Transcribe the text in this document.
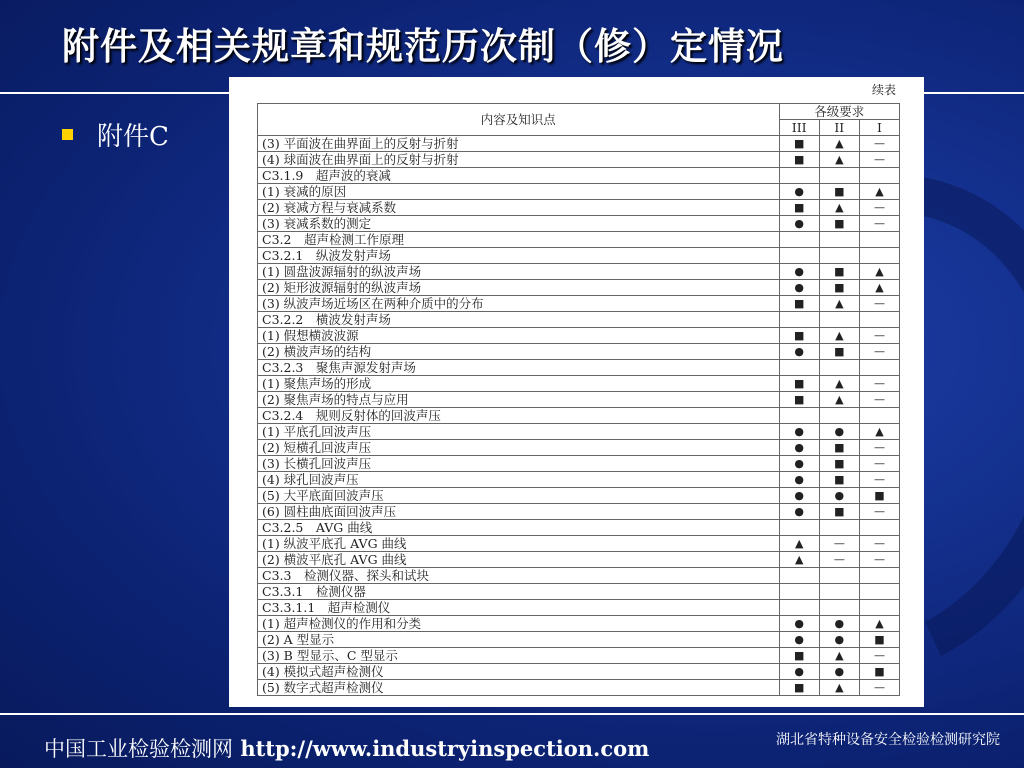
附件及相关规章和规范历次制（修）定情况
附件C
续表
内容及知识点	各级要求		
	III	II	I
(3) 平面波在曲界面上的反射与折射	■	▲	—
(4) 球面波在曲界面上的反射与折射	■	▲	—
C3.1.9　超声波的衰减			
(1) 衰减的原因	●	■	▲
(2) 衰减方程与衰减系数	■	▲	—
(3) 衰减系数的测定	●	■	—
C3.2　超声检测工作原理			
C3.2.1　纵波发射声场			
(1) 圆盘波源辐射的纵波声场	●	■	▲
(2) 矩形波源辐射的纵波声场	●	■	▲
(3) 纵波声场近场区在两种介质中的分布	■	▲	—
C3.2.2　横波发射声场			
(1) 假想横波波源	■	▲	—
(2) 横波声场的结构	●	■	—
C3.2.3　聚焦声源发射声场			
(1) 聚焦声场的形成	■	▲	—
(2) 聚焦声场的特点与应用	■	▲	—
C3.2.4　规则反射体的回波声压			
(1) 平底孔回波声压	●	●	▲
(2) 短横孔回波声压	●	■	—
(3) 长横孔回波声压	●	■	—
(4) 球孔回波声压	●	■	—
(5) 大平底面回波声压	●	●	■
(6) 圆柱曲底面回波声压	●	■	—
C3.2.5　AVG 曲线			
(1) 纵波平底孔 AVG 曲线	▲	—	—
(2) 横波平底孔 AVG 曲线	▲	—	—
C3.3　检测仪器、探头和试块			
C3.3.1　检测仪器			
C3.3.1.1　超声检测仪			
(1) 超声检测仪的作用和分类	●	●	▲
(2) A 型显示	●	●	■
(3) B 型显示、C 型显示	■	▲	—
(4) 模拟式超声检测仪	●	●	■
(5) 数字式超声检测仪	■	▲	—
中国工业检验检测网 http://www.industryinspection.com	湖北省特种设备安全检验检测研究院
